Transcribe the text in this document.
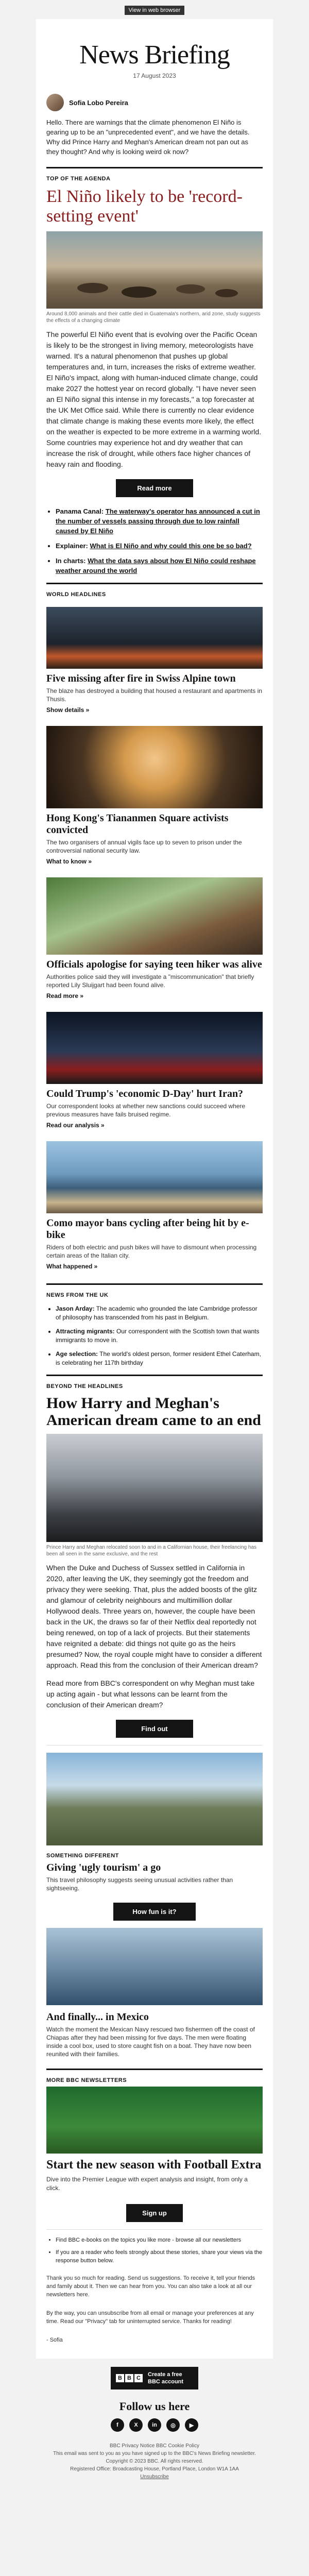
View in web browser
News Briefing
17 August 2023
Sofia Lobo Pereira
Hello. There are warnings that the climate phenomenon El Niño is gearing up to be an "unprecedented event", and we have the details. Why did Prince Harry and Meghan's American dream not pan out as they thought? And why is looking weird ok now?
TOP OF THE AGENDA
El Niño likely to be 'record-setting event'
Around 8,000 animals and their cattle died in Guatemala's northern, arid zone, study suggests the effects of a changing climate
The powerful El Niño event that is evolving over the Pacific Ocean is likely to be the strongest in living memory, meteorologists have warned. It's a natural phenomenon that pushes up global temperatures and, in turn, increases the risks of extreme weather. El Niño's impact, along with human-induced climate change, could make 2027 the hottest year on record globally. "I have never seen an El Niño signal this intense in my forecasts," a top forecaster at the UK Met Office said. While there is currently no clear evidence that climate change is making these events more likely, the effect on the weather is expected to be more extreme in a warming world. Some countries may experience hot and dry weather that can increase the risk of drought, while others face higher chances of heavy rain and flooding.
Read more
• Panama Canal: The waterway's operator has announced a cut in the number of vessels passing through due to low rainfall caused by El Niño
• Explainer: What is El Niño and why could this one be so bad?
• In charts: What the data says about how El Niño could reshape weather around the world
WORLD HEADLINES
Five missing after fire in Swiss Alpine town

The blaze has destroyed a building that housed a restaurant and apartments in Thusis.

Show details »
Hong Kong's Tiananmen Square activists convicted

The two organisers of annual vigils face up to seven to prison under the controversial national security law.

What to know »
Officials apologise for saying teen hiker was alive

Authorities police said they will investigate a "miscommunication" that briefly reported Lily Sluijgart had been found alive.

Read more »
Could Trump's 'economic D-Day' hurt Iran?

Our correspondent looks at whether new sanctions could succeed where previous measures have fails bruised regime.

Read our analysis »
Como mayor bans cycling after being hit by e-bike

Riders of both electric and push bikes will have to dismount when processing certain areas of the Italian city.

What happened »
NEWS FROM THE UK
• Jason Arday: The academic who grounded the late Cambridge professor of philosophy has transcended from his past in Belgium.
• Attracting migrants: Our correspondent with the Scottish town that wants immigrants to move in.
• Age selection: The world's oldest person, former resident Ethel Caterham, is celebrating her 117th birthday
BEYOND THE HEADLINES
How Harry and Meghan's American dream came to an end
Prince Harry and Meghan relocated soon to and in a Californian house, their freelancing has been all seen in the same exclusive, and the rest
When the Duke and Duchess of Sussex settled in California in 2020, after leaving the UK, they seemingly got the freedom and privacy they were seeking. That, plus the added boosts of the glitz and glamour of celebrity neighbours and multimillion dollar Hollywood deals. Three years on, however, the couple have been back in the UK, the draws so far of their Netflix deal reportedly not being renewed, on top of a lack of projects. But their statements have reignited a debate: did things not quite go as the heirs presumed? Now, the royal couple might have to consider a different approach. Read this from the conclusion of their American dream?
Read more from BBC's correspondent on why Meghan must take up acting again - but what lessons can be learnt from the conclusion of their American dream?
Find out
SOMETHING DIFFERENT
Giving 'ugly tourism' a go

This travel philosophy suggests seeing unusual activities rather than sightseeing.

How fun is it?
And finally... in Mexico

Watch the moment the Mexican Navy rescued two fishermen off the coast of Chiapas after they had been missing for five days. The men were floating inside a cool box, used to store caught fish on a boat. They have now been reunited with their families.

MORE BBC NEWSLETTERS
Start the new season with Football Extra
Dive into the Premier League with expert analysis and insight, from only a click.
Sign up
• Find BBC e-books on the topics you like more - browse all our newsletters
• If you are a reader who feels strongly about these stories, share your views via the response button below.
Thank you so much for reading. Send us suggestions. To receive it, tell your friends and family about it. Then we can hear from you. You can also take a look at all our newsletters here.
By the way, you can unsubscribe from all email or manage your preferences at any time. Read our "Privacy" tab for uninterrupted service. Thanks for reading!
- Sofia
B B C
Create a free BBC account
Follow us here
f	X	in	◎	▶
BBC Privacy Notice BBC Cookie Policy
This email was sent to you as you have signed up to the BBC's News Briefing newsletter.
Copyright © 2023 BBC. All rights reserved.
Registered Office: Broadcasting House, Portland Place, London W1A 1AA
Unsubscribe
